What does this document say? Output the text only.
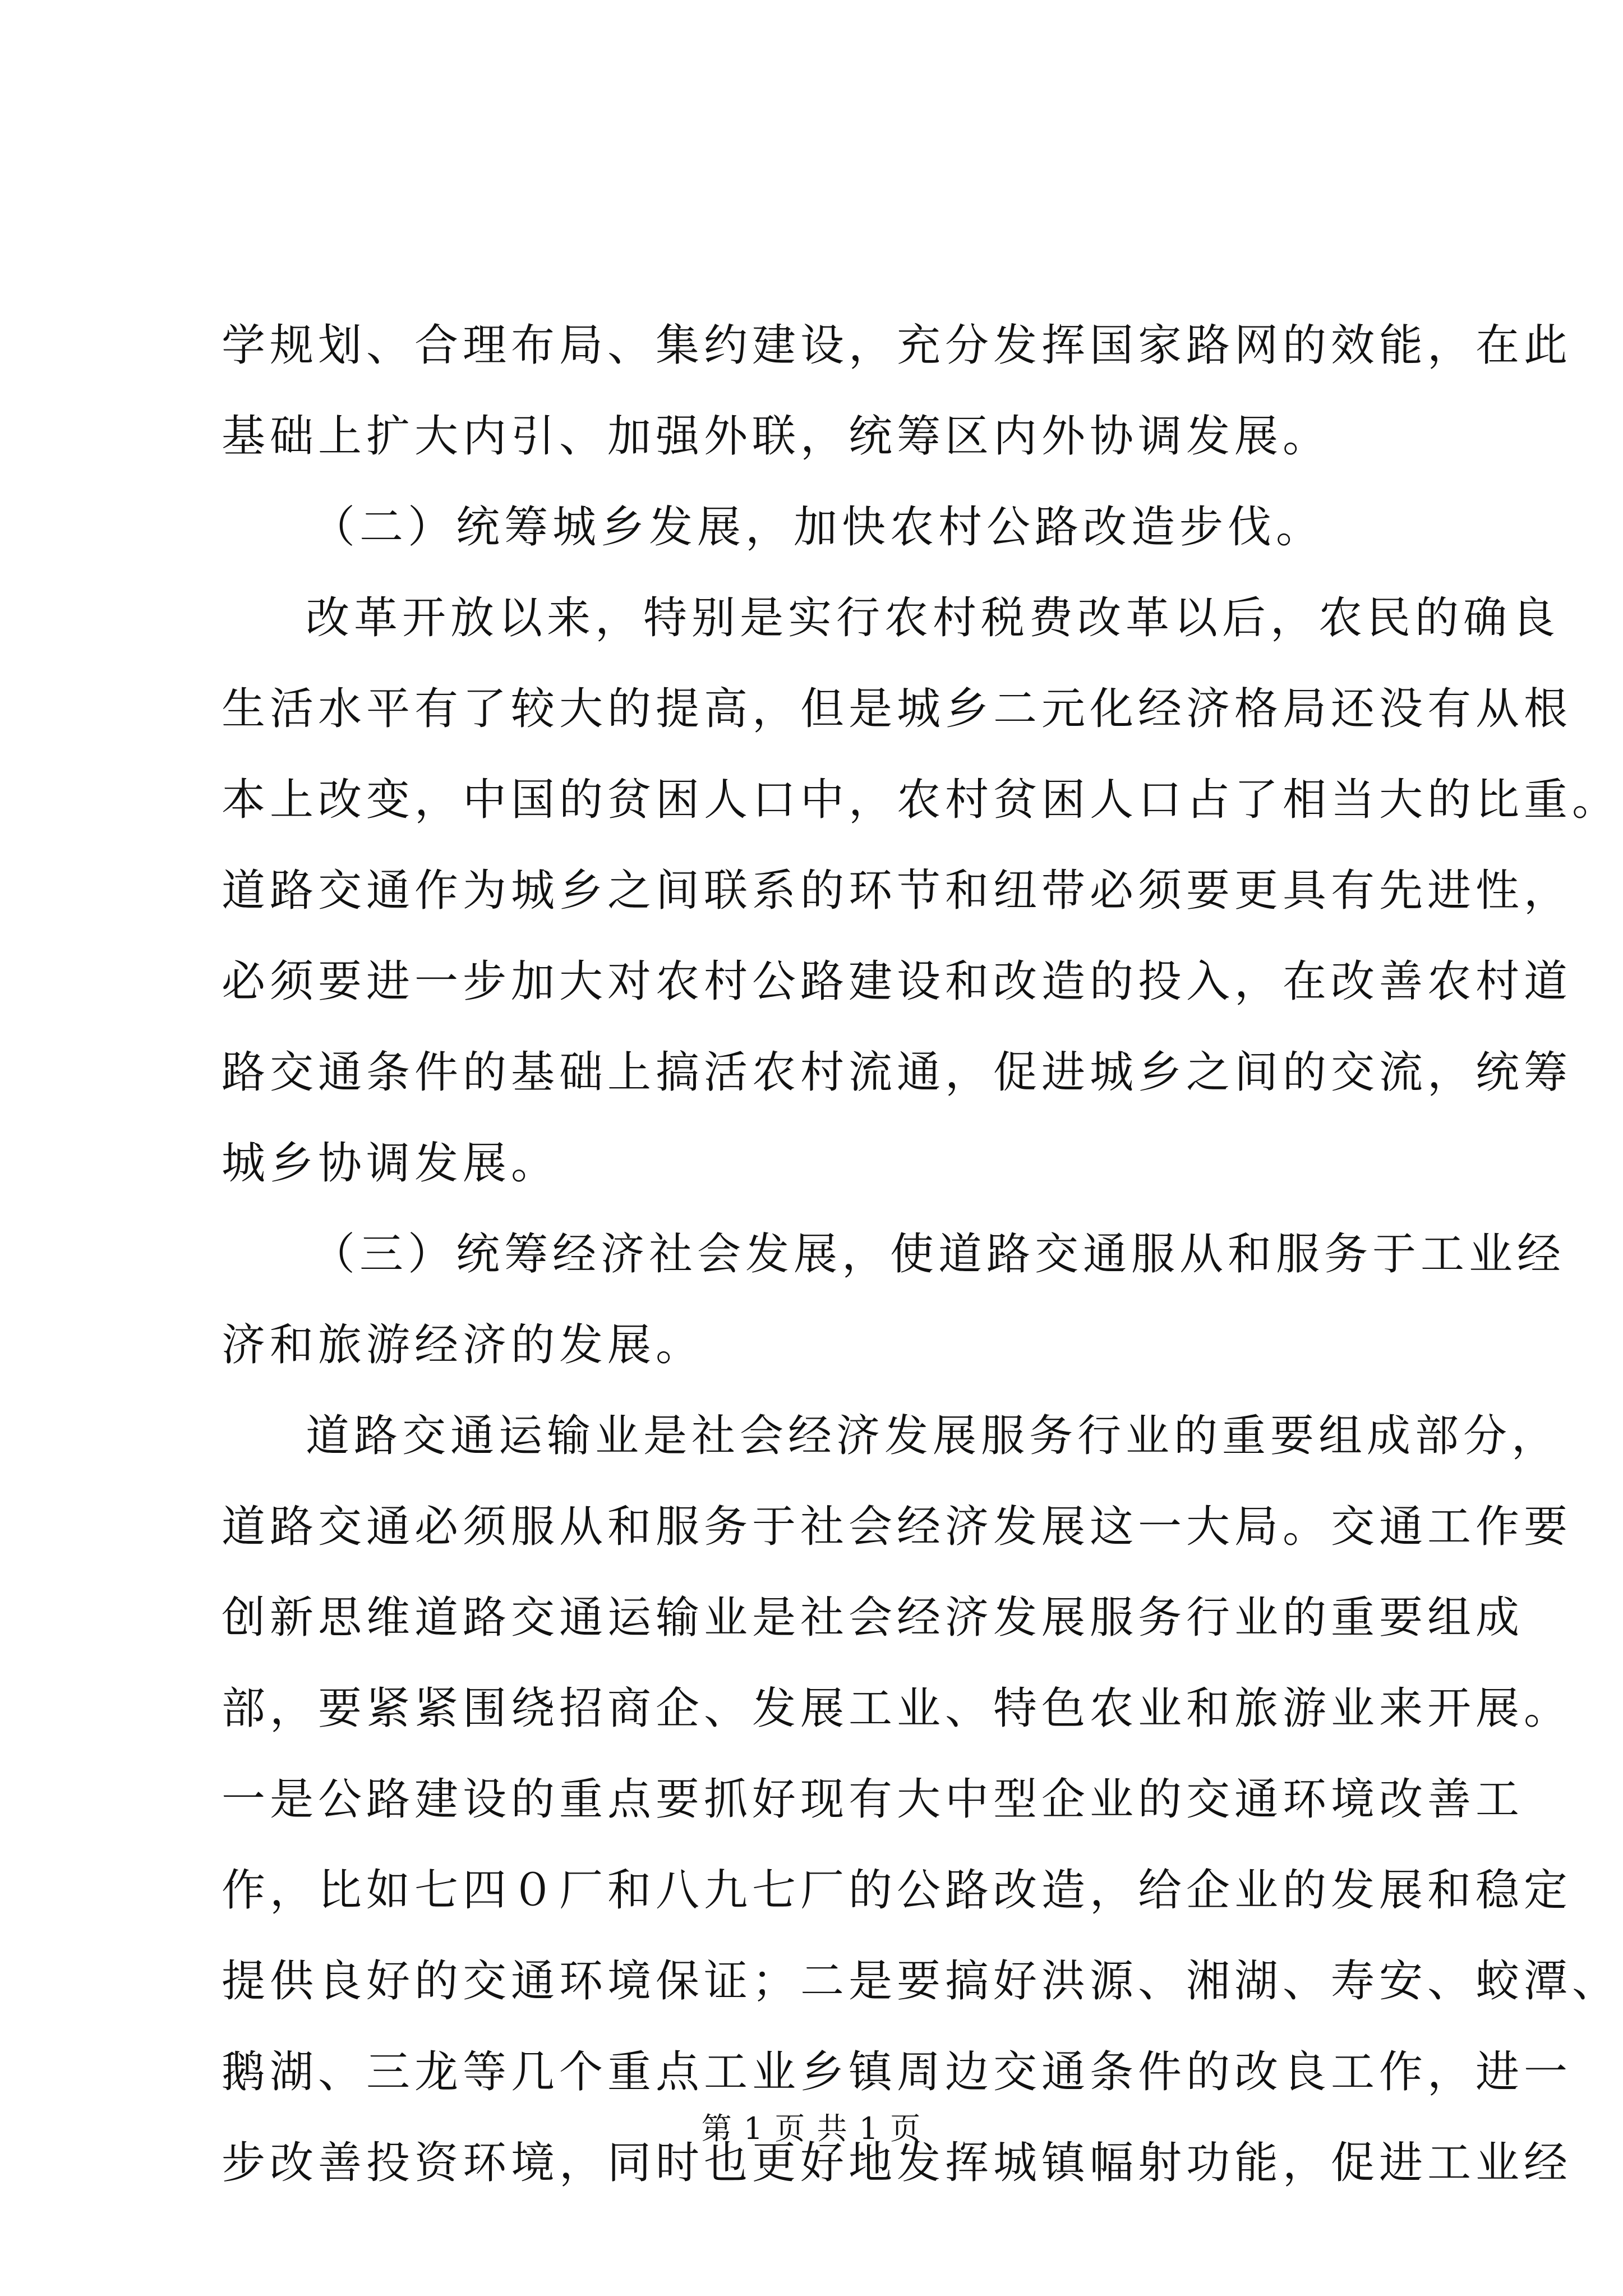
学规划、合理布局、集约建设，充分发挥国家路网的效能，在此
基础上扩大内引、加强外联，统筹区内外协调发展。
（二）统筹城乡发展，加快农村公路改造步伐。
改革开放以来，特别是实行农村税费改革以后，农民的确良
生活水平有了较大的提高，但是城乡二元化经济格局还没有从根
本上改变，中国的贫困人口中，农村贫困人口占了相当大的比重。
道路交通作为城乡之间联系的环节和纽带必须要更具有先进性，
必须要进一步加大对农村公路建设和改造的投入，在改善农村道
路交通条件的基础上搞活农村流通，促进城乡之间的交流，统筹
城乡协调发展。
（三）统筹经济社会发展，使道路交通服从和服务于工业经
济和旅游经济的发展。
道路交通运输业是社会经济发展服务行业的重要组成部分，
道路交通必须服从和服务于社会经济发展这一大局。交通工作要
创新思维道路交通运输业是社会经济发展服务行业的重要组成
部，要紧紧围绕招商企、发展工业、特色农业和旅游业来开展。
一是公路建设的重点要抓好现有大中型企业的交通环境改善工
作，比如七四０厂和八九七厂的公路改造，给企业的发展和稳定
提供良好的交通环境保证；二是要搞好洪源、湘湖、寿安、蛟潭、
鹅湖、三龙等几个重点工业乡镇周边交通条件的改良工作，进一
步改善投资环境，同时也更好地发挥城镇幅射功能，促进工业经
第 1 页 共 1 页
